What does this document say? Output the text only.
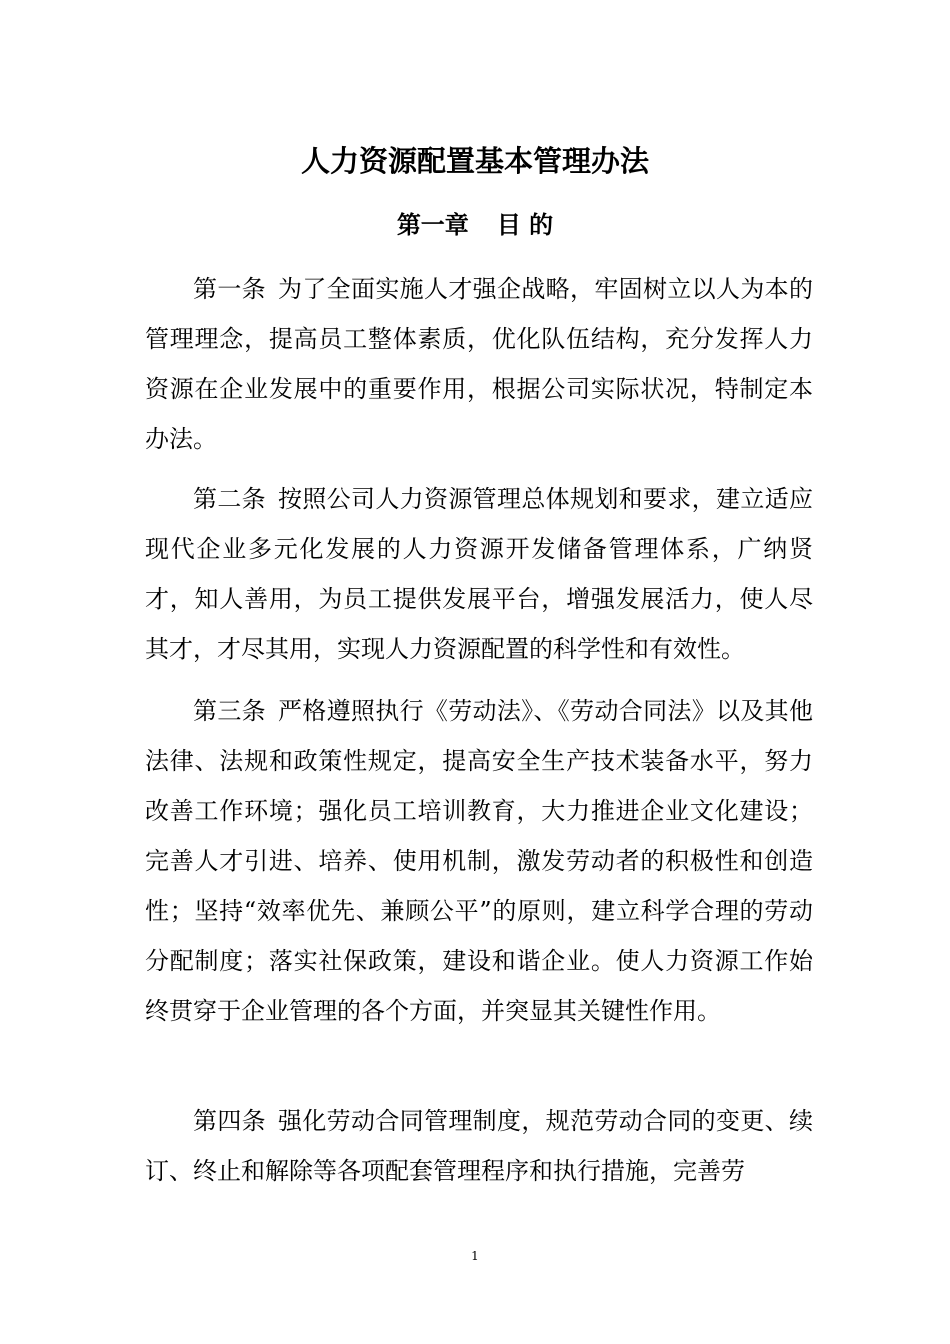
人力资源配置基本管理办法
第一章 目 的

第一条 为了全面实施人才强企战略，牢固树立以人为本的管理理念，提高员工整体素质，优化队伍结构，充分发挥人力资源在企业发展中的重要作用，根据公司实际状况，特制定本办法。

第二条 按照公司人力资源管理总体规划和要求，建立适应现代企业多元化发展的人力资源开发储备管理体系，广纳贤才，知人善用，为员工提供发展平台，增强发展活力，使人尽其才，才尽其用，实现人力资源配置的科学性和有效性。

第三条 严格遵照执行《劳动法》、《劳动合同法》以及其他法律、法规和政策性规定，提高安全生产技术装备水平，努力改善工作环境；强化员工培训教育，大力推进企业文化建设；完善人才引进、培养、使用机制，激发劳动者的积极性和创造性；坚持“效率优先、兼顾公平”的原则，建立科学合理的劳动分配制度；落实社保政策，建设和谐企业。使人力资源工作始终贯穿于企业管理的各个方面，并突显其关键性作用。

第四条 强化劳动合同管理制度，规范劳动合同的变更、续订、终止和解除等各项配套管理程序和执行措施，完善劳

1
